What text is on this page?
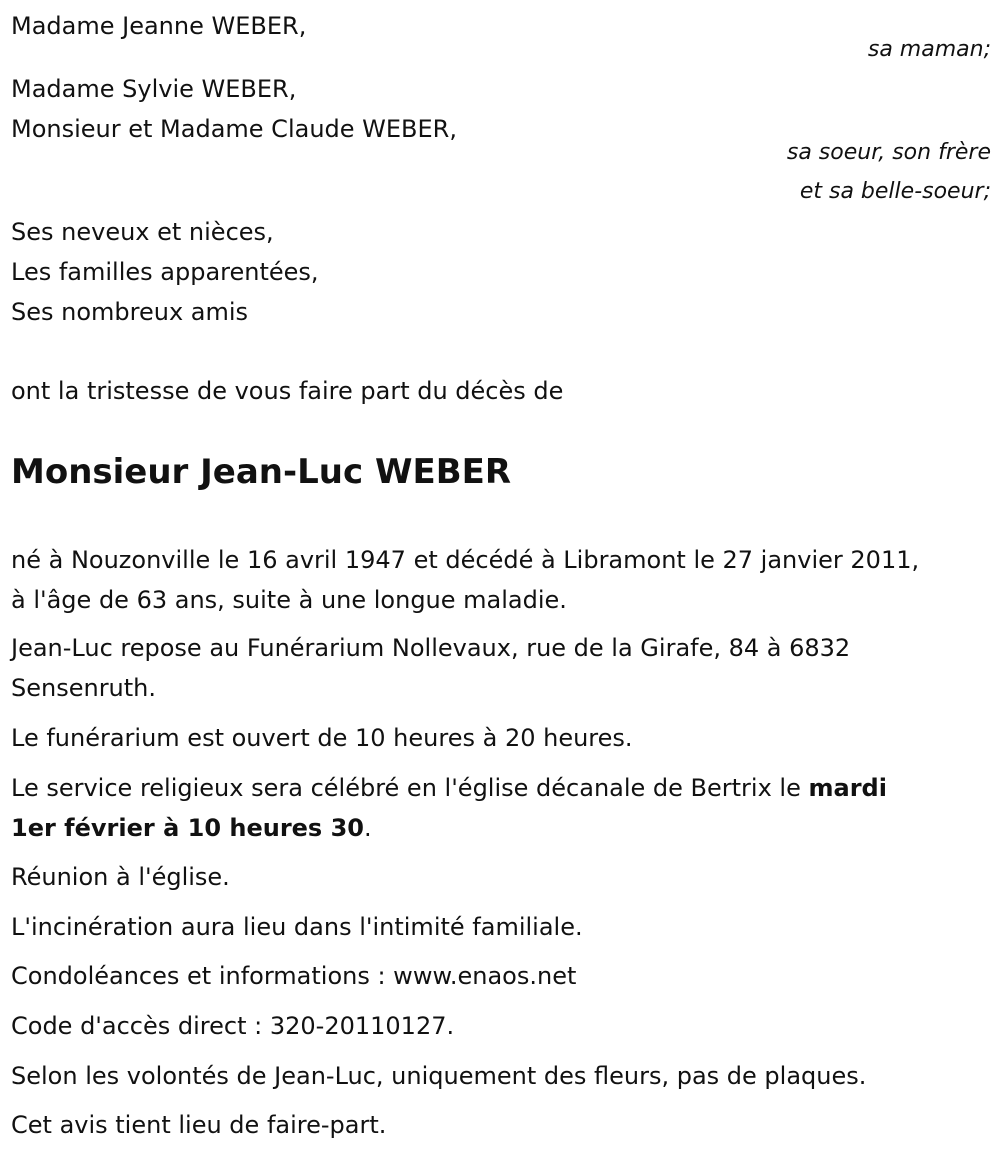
Madame Jeanne WEBER,
sa maman;
Madame Sylvie WEBER,
Monsieur et Madame Claude WEBER,
sa soeur, son frère
et sa belle-soeur;
Ses neveux et nièces,
Les familles apparentées,
Ses nombreux amis
ont la tristesse de vous faire part du décès de
Monsieur Jean-Luc WEBER
né à Nouzonville le 16 avril 1947 et décédé à Libramont le 27 janvier 2011,
à l'âge de 63 ans, suite à une longue maladie.
Jean-Luc repose au Funérarium Nollevaux, rue de la Girafe, 84 à 6832
Sensenruth.
Le funérarium est ouvert de 10 heures à 20 heures.
Le service religieux sera célébré en l'église décanale de Bertrix le mardi
1er février à 10 heures 30.
Réunion à l'église.
L'incinération aura lieu dans l'intimité familiale.
Condoléances et informations : www.enaos.net
Code d'accès direct : 320-20110127.
Selon les volontés de Jean-Luc, uniquement des fleurs, pas de plaques.
Cet avis tient lieu de faire-part.
